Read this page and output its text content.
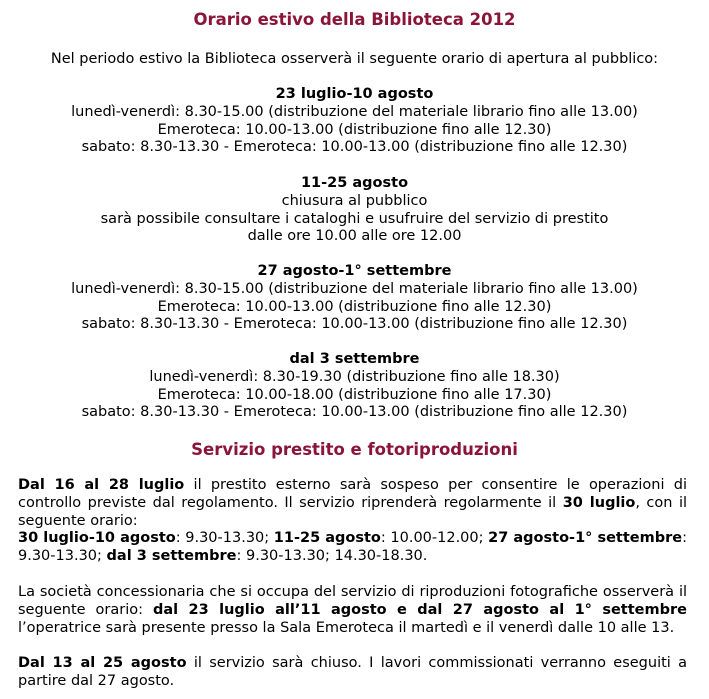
Orario estivo della Biblioteca 2012
Nel periodo estivo la Biblioteca osserverà il seguente orario di apertura al pubblico:
23 luglio-10 agosto
lunedì-venerdì: 8.30-15.00 (distribuzione del materiale librario fino alle 13.00)
Emeroteca: 10.00-13.00 (distribuzione fino alle 12.30)
sabato: 8.30-13.30 - Emeroteca: 10.00-13.00 (distribuzione fino alle 12.30)
11-25 agosto
chiusura al pubblico
sarà possibile consultare i cataloghi e usufruire del servizio di prestito
dalle ore 10.00 alle ore 12.00
27 agosto-1° settembre
lunedì-venerdì: 8.30-15.00 (distribuzione del materiale librario fino alle 13.00)
Emeroteca: 10.00-13.00 (distribuzione fino alle 12.30)
sabato: 8.30-13.30 - Emeroteca: 10.00-13.00 (distribuzione fino alle 12.30)
dal 3 settembre
lunedì-venerdì: 8.30-19.30 (distribuzione fino alle 18.30)
Emeroteca: 10.00-18.00 (distribuzione fino alle 17.30)
sabato: 8.30-13.30 - Emeroteca: 10.00-13.00 (distribuzione fino alle 12.30)
Servizio prestito e fotoriproduzioni

Dal 16 al 28 luglio il prestito esterno sarà sospeso per consentire le operazioni di controllo previste dal regolamento. Il servizio riprenderà regolarmente il 30 luglio, con il seguente orario:
30 luglio-10 agosto: 9.30-13.30; 11-25 agosto: 10.00-12.00; 27 agosto-1° settembre: 9.30-13.30; dal 3 settembre: 9.30-13.30; 14.30-18.30.

La società concessionaria che si occupa del servizio di riproduzioni fotografiche osserverà il seguente orario: dal 23 luglio all’11 agosto e dal 27 agosto al 1° settembre l’operatrice sarà presente presso la Sala Emeroteca il martedì e il venerdì dalle 10 alle 13.

Dal 13 al 25 agosto il servizio sarà chiuso. I lavori commissionati verranno eseguiti a partire dal 27 agosto.
